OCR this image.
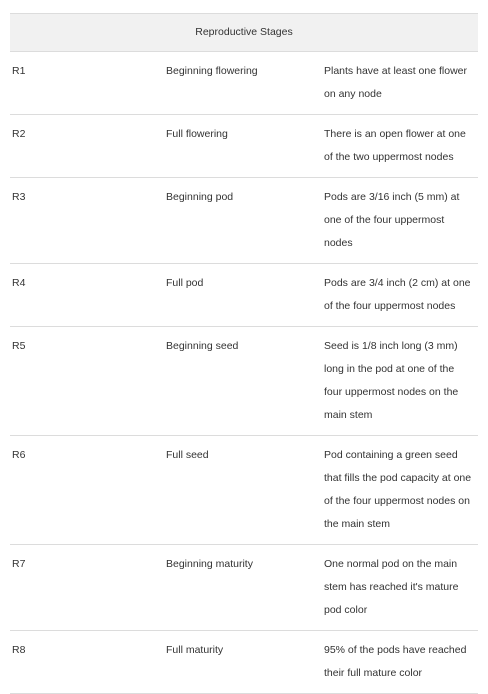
Reproductive Stages		
R1	Beginning flowering	Plants have at least one flower on any node
R2	Full flowering	There is an open flower at one of the two uppermost nodes
R3	Beginning pod	Pods are 3/16 inch (5 mm) at one of the four uppermost nodes
R4	Full pod	Pods are 3/4 inch (2 cm) at one of the four uppermost nodes
R5	Beginning seed	Seed is 1/8 inch long (3 mm) long in the pod at one of the four uppermost nodes on the main stem
R6	Full seed	Pod containing a green seed that fills the pod capacity at one of the four uppermost nodes on the main stem
R7	Beginning maturity	One normal pod on the main stem has reached it's mature pod color
R8	Full maturity	95% of the pods have reached their full mature color
